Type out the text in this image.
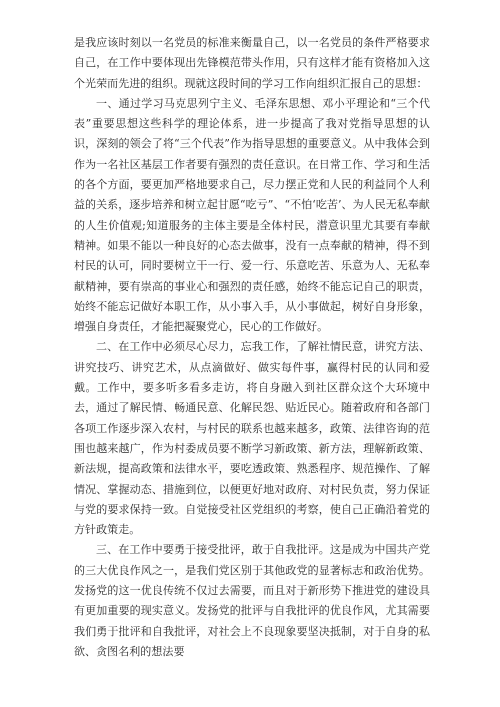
是我应该时刻以一名党员的标准来衡量自己，以一名党员的条件严格要求自己，在工作中要体现出先锋模范带头作用，只有这样才能有资格加入这个光荣而先进的组织。现就这段时间的学习工作向组织汇报自己的思想：

一、通过学习马克思列宁主义、毛泽东思想、邓小平理论和“三个代表”重要思想这些科学的理论体系，进一步提高了我对党指导思想的认识，深刻的领会了将“三个代表”作为指导思想的重要意义。从中我体会到作为一名社区基层工作者要有强烈的责任意识。在日常工作、学习和生活的各个方面，要更加严格地要求自己，尽力摆正党和人民的利益同个人利益的关系，逐步培养和树立起甘愿“吃亏”、“不怕‘吃苦’、为人民无私奉献的人生价值观;知道服务的主体主要是全体村民，潜意识里尤其要有奉献精神。如果不能以一种良好的心态去做事，没有一点奉献的精神，得不到村民的认可，同时要树立干一行、爱一行、乐意吃苦、乐意为人、无私奉献精神，要有崇高的事业心和强烈的责任感，始终不能忘记自己的职责，始终不能忘记做好本职工作，从小事入手，从小事做起，树好自身形象，增强自身责任，才能把凝聚党心，民心的工作做好。

二、在工作中必须尽心尽力，忘我工作，了解社情民意，讲究方法、讲究技巧、讲究艺术，从点滴做好、做实每件事，赢得村民的认同和爱戴。工作中，要多听多看多走访，将自身融入到社区群众这个大环境中去，通过了解民情、畅通民意、化解民怨、贴近民心。随着政府和各部门各项工作逐步深入农村，与村民的联系也越来越多，政策、法律咨询的范围也越来越广，作为村委成员要不断学习新政策、新方法，理解新政策、新法规，提高政策和法律水平，要吃透政策、熟悉程序、规范操作、了解情况、掌握动态、措施到位，以便更好地对政府、对村民负责，努力保证与党的要求保持一致。自觉接受社区党组织的考察，使自己正确沿着党的方针政策走。

三、在工作中要勇于接受批评，敢于自我批评。这是成为中国共产党的三大优良作风之一，是我们党区别于其他政党的显著标志和政治优势。发扬党的这一优良传统不仅过去需要，而且对于新形势下推进党的建设具有更加重要的现实意义。发扬党的批评与自我批评的优良作风，尤其需要我们勇于批评和自我批评，对社会上不良现象要坚决抵制，对于自身的私欲、贪图名利的想法要
